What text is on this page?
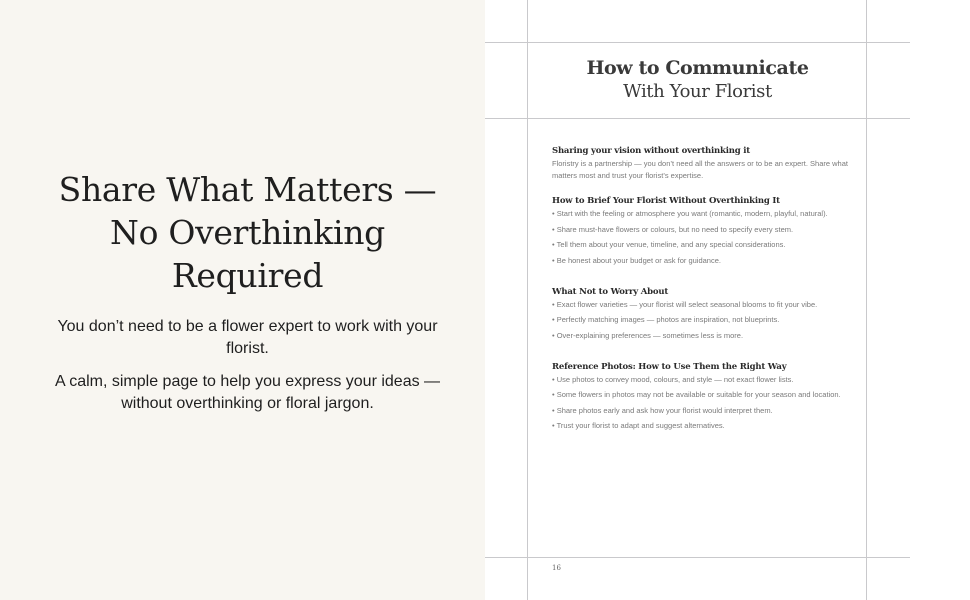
Share What Matters —
No Overthinking
Required

You don’t need to be a flower expert to work with your florist.

A calm, simple page to help you express your ideas — without overthinking or floral jargon.

How to Communicate
With Your Florist

Sharing your vision without overthinking it

Floristry is a partnership — you don’t need all the answers or to be an expert. Share what matters most and trust your florist’s expertise.

How to Brief Your Florist Without Overthinking It

• Start with the feeling or atmosphere you want (romantic, modern, playful, natural).

• Share must-have flowers or colours, but no need to specify every stem.

• Tell them about your venue, timeline, and any special considerations.

• Be honest about your budget or ask for guidance.

What Not to Worry About

• Exact flower varieties — your florist will select seasonal blooms to fit your vibe.

• Perfectly matching images — photos are inspiration, not blueprints.

• Over-explaining preferences — sometimes less is more.

Reference Photos: How to Use Them the Right Way

• Use photos to convey mood, colours, and style — not exact flower lists.

• Some flowers in photos may not be available or suitable for your season and location.

• Share photos early and ask how your florist would interpret them.

• Trust your florist to adapt and suggest alternatives.

16
